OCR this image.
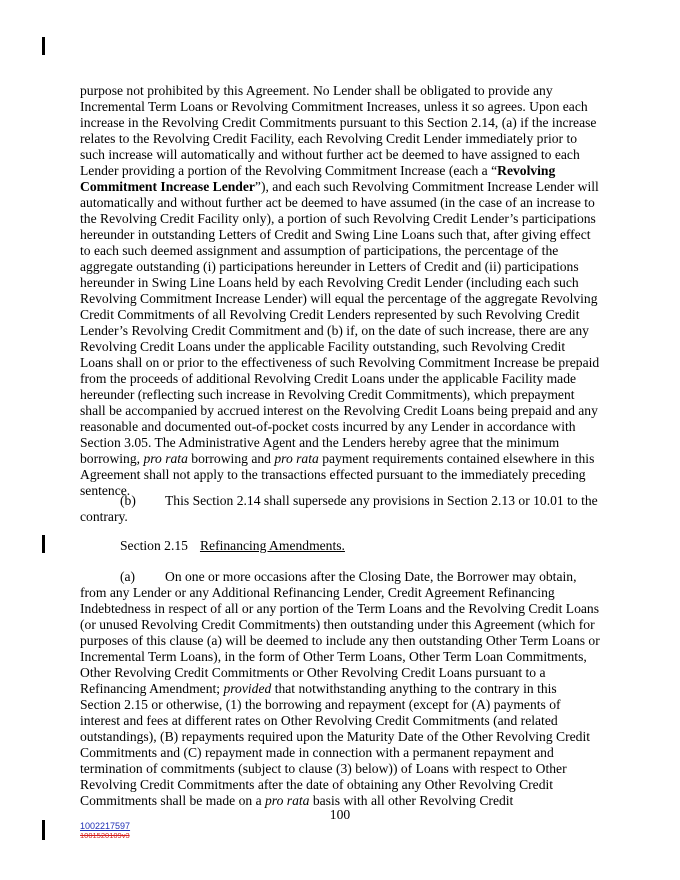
purpose not prohibited by this Agreement. No Lender shall be obligated to provide any Incremental Term Loans or Revolving Commitment Increases, unless it so agrees. Upon each increase in the Revolving Credit Commitments pursuant to this Section 2.14, (a) if the increase relates to the Revolving Credit Facility, each Revolving Credit Lender immediately prior to such increase will automatically and without further act be deemed to have assigned to each Lender providing a portion of the Revolving Commitment Increase (each a “Revolving Commitment Increase Lender”), and each such Revolving Commitment Increase Lender will automatically and without further act be deemed to have assumed (in the case of an increase to the Revolving Credit Facility only), a portion of such Revolving Credit Lender’s participations hereunder in outstanding Letters of Credit and Swing Line Loans such that, after giving effect to each such deemed assignment and assumption of participations, the percentage of the aggregate outstanding (i) participations hereunder in Letters of Credit and (ii) participations hereunder in Swing Line Loans held by each Revolving Credit Lender (including each such Revolving Commitment Increase Lender) will equal the percentage of the aggregate Revolving Credit Commitments of all Revolving Credit Lenders represented by such Revolving Credit Lender’s Revolving Credit Commitment and (b) if, on the date of such increase, there are any Revolving Credit Loans under the applicable Facility outstanding, such Revolving Credit Loans shall on or prior to the effectiveness of such Revolving Commitment Increase be prepaid from the proceeds of additional Revolving Credit Loans under the applicable Facility made hereunder (reflecting such increase in Revolving Credit Commitments), which prepayment shall be accompanied by accrued interest on the Revolving Credit Loans being prepaid and any reasonable and documented out-of-pocket costs incurred by any Lender in accordance with Section 3.05. The Administrative Agent and the Lenders hereby agree that the minimum borrowing, pro rata borrowing and pro rata payment requirements contained elsewhere in this Agreement shall not apply to the transactions effected pursuant to the immediately preceding sentence.

(b) This Section 2.14 shall supersede any provisions in Section 2.13 or 10.01 to the contrary.

Section 2.15 Refinancing Amendments.

(a) On one or more occasions after the Closing Date, the Borrower may obtain, from any Lender or any Additional Refinancing Lender, Credit Agreement Refinancing Indebtedness in respect of all or any portion of the Term Loans and the Revolving Credit Loans (or unused Revolving Credit Commitments) then outstanding under this Agreement (which for purposes of this clause (a) will be deemed to include any then outstanding Other Term Loans or Incremental Term Loans), in the form of Other Term Loans, Other Term Loan Commitments, Other Revolving Credit Commitments or Other Revolving Credit Loans pursuant to a Refinancing Amendment; provided that notwithstanding anything to the contrary in this Section 2.15 or otherwise, (1) the borrowing and repayment (except for (A) payments of interest and fees at different rates on Other Revolving Credit Commitments (and related outstandings), (B) repayments required upon the Maturity Date of the Other Revolving Credit Commitments and (C) repayment made in connection with a permanent repayment and termination of commitments (subject to clause (3) below)) of Loans with respect to Other Revolving Credit Commitments after the date of obtaining any Other Revolving Credit Commitments shall be made on a pro rata basis with all other Revolving Credit

100
1002217597
1001520109v3
